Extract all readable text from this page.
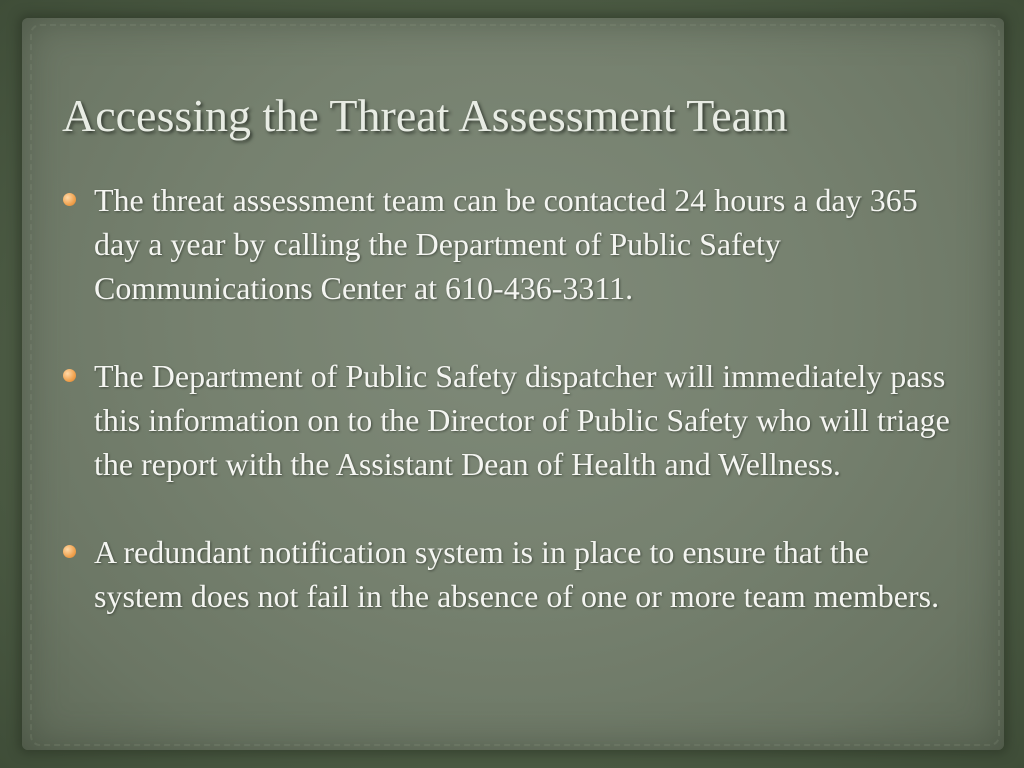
Accessing the Threat Assessment Team
The threat assessment team can be contacted 24 hours a day 365 day a year by calling the Department of Public Safety Communications Center at 610-436-3311.
The Department of Public Safety dispatcher will immediately pass this information on to the Director of Public Safety who will triage the report with the Assistant Dean of Health and Wellness.
A redundant notification system is in place to ensure that the system does not fail in the absence of one or more team members.
